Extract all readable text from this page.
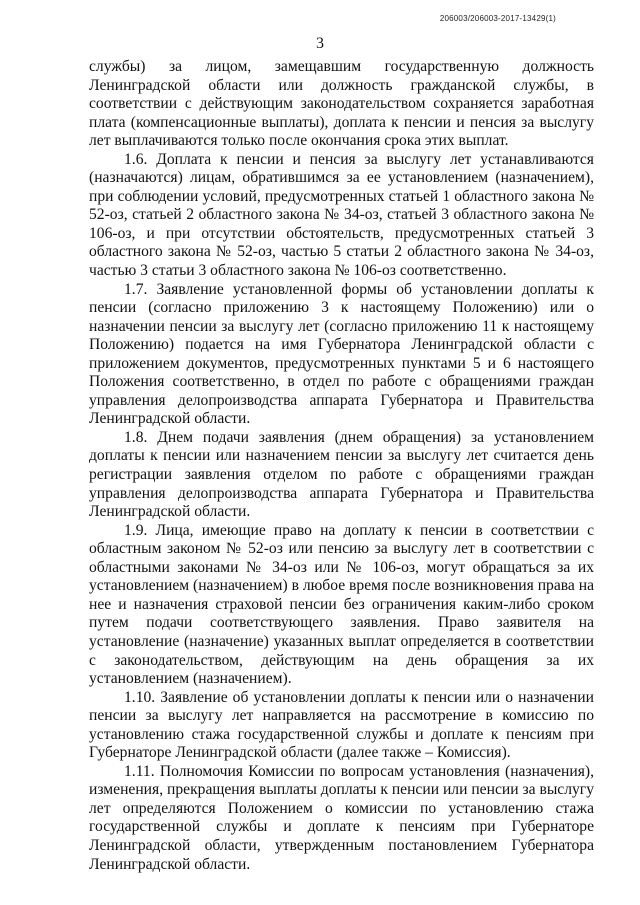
206003/206003-2017-13429(1)
3

службы) за лицом, замещавшим государственную должность Ленинградской области или должность гражданской службы, в соответствии с действующим законодательством сохраняется заработная плата (компенсационные выплаты), доплата к пенсии и пенсия за выслугу лет выплачиваются только после окончания срока этих выплат.

1.6. Доплата к пенсии и пенсия за выслугу лет устанавливаются (назначаются) лицам, обратившимся за ее установлением (назначением), при соблюдении условий, предусмотренных статьей 1 областного закона № 52-оз, статьей 2 областного закона № 34-оз, статьей 3 областного закона № 106-оз, и при отсутствии обстоятельств, предусмотренных статьей 3 областного закона № 52-оз, частью 5 статьи 2 областного закона № 34-оз, частью 3 статьи 3 областного закона № 106-оз соответственно.

1.7. Заявление установленной формы об установлении доплаты к пенсии (согласно приложению 3 к настоящему Положению) или о назначении пенсии за выслугу лет (согласно приложению 11 к настоящему Положению) подается на имя Губернатора Ленинградской области с приложением документов, предусмотренных пунктами 5 и 6 настоящего Положения соответственно, в отдел по работе с обращениями граждан управления делопроизводства аппарата Губернатора и Правительства Ленинградской области.

1.8. Днем подачи заявления (днем обращения) за установлением доплаты к пенсии или назначением пенсии за выслугу лет считается день регистрации заявления отделом по работе с обращениями граждан управления делопроизводства аппарата Губернатора и Правительства Ленинградской области.

1.9. Лица, имеющие право на доплату к пенсии в соответствии с областным законом № 52-оз или пенсию за выслугу лет в соответствии с областными законами № 34-оз или № 106-оз, могут обращаться за их установлением (назначением) в любое время после возникновения права на нее и назначения страховой пенсии без ограничения каким-либо сроком путем подачи соответствующего заявления. Право заявителя на установление (назначение) указанных выплат определяется в соответствии с законодательством, действующим на день обращения за их установлением (назначением).

1.10. Заявление об установлении доплаты к пенсии или о назначении пенсии за выслугу лет направляется на рассмотрение в комиссию по установлению стажа государственной службы и доплате к пенсиям при Губернаторе Ленинградской области (далее также – Комиссия).

1.11. Полномочия Комиссии по вопросам установления (назначения), изменения, прекращения выплаты доплаты к пенсии или пенсии за выслугу лет определяются Положением о комиссии по установлению стажа государственной службы и доплате к пенсиям при Губернаторе Ленинградской области, утвержденным постановлением Губернатора Ленинградской области.
